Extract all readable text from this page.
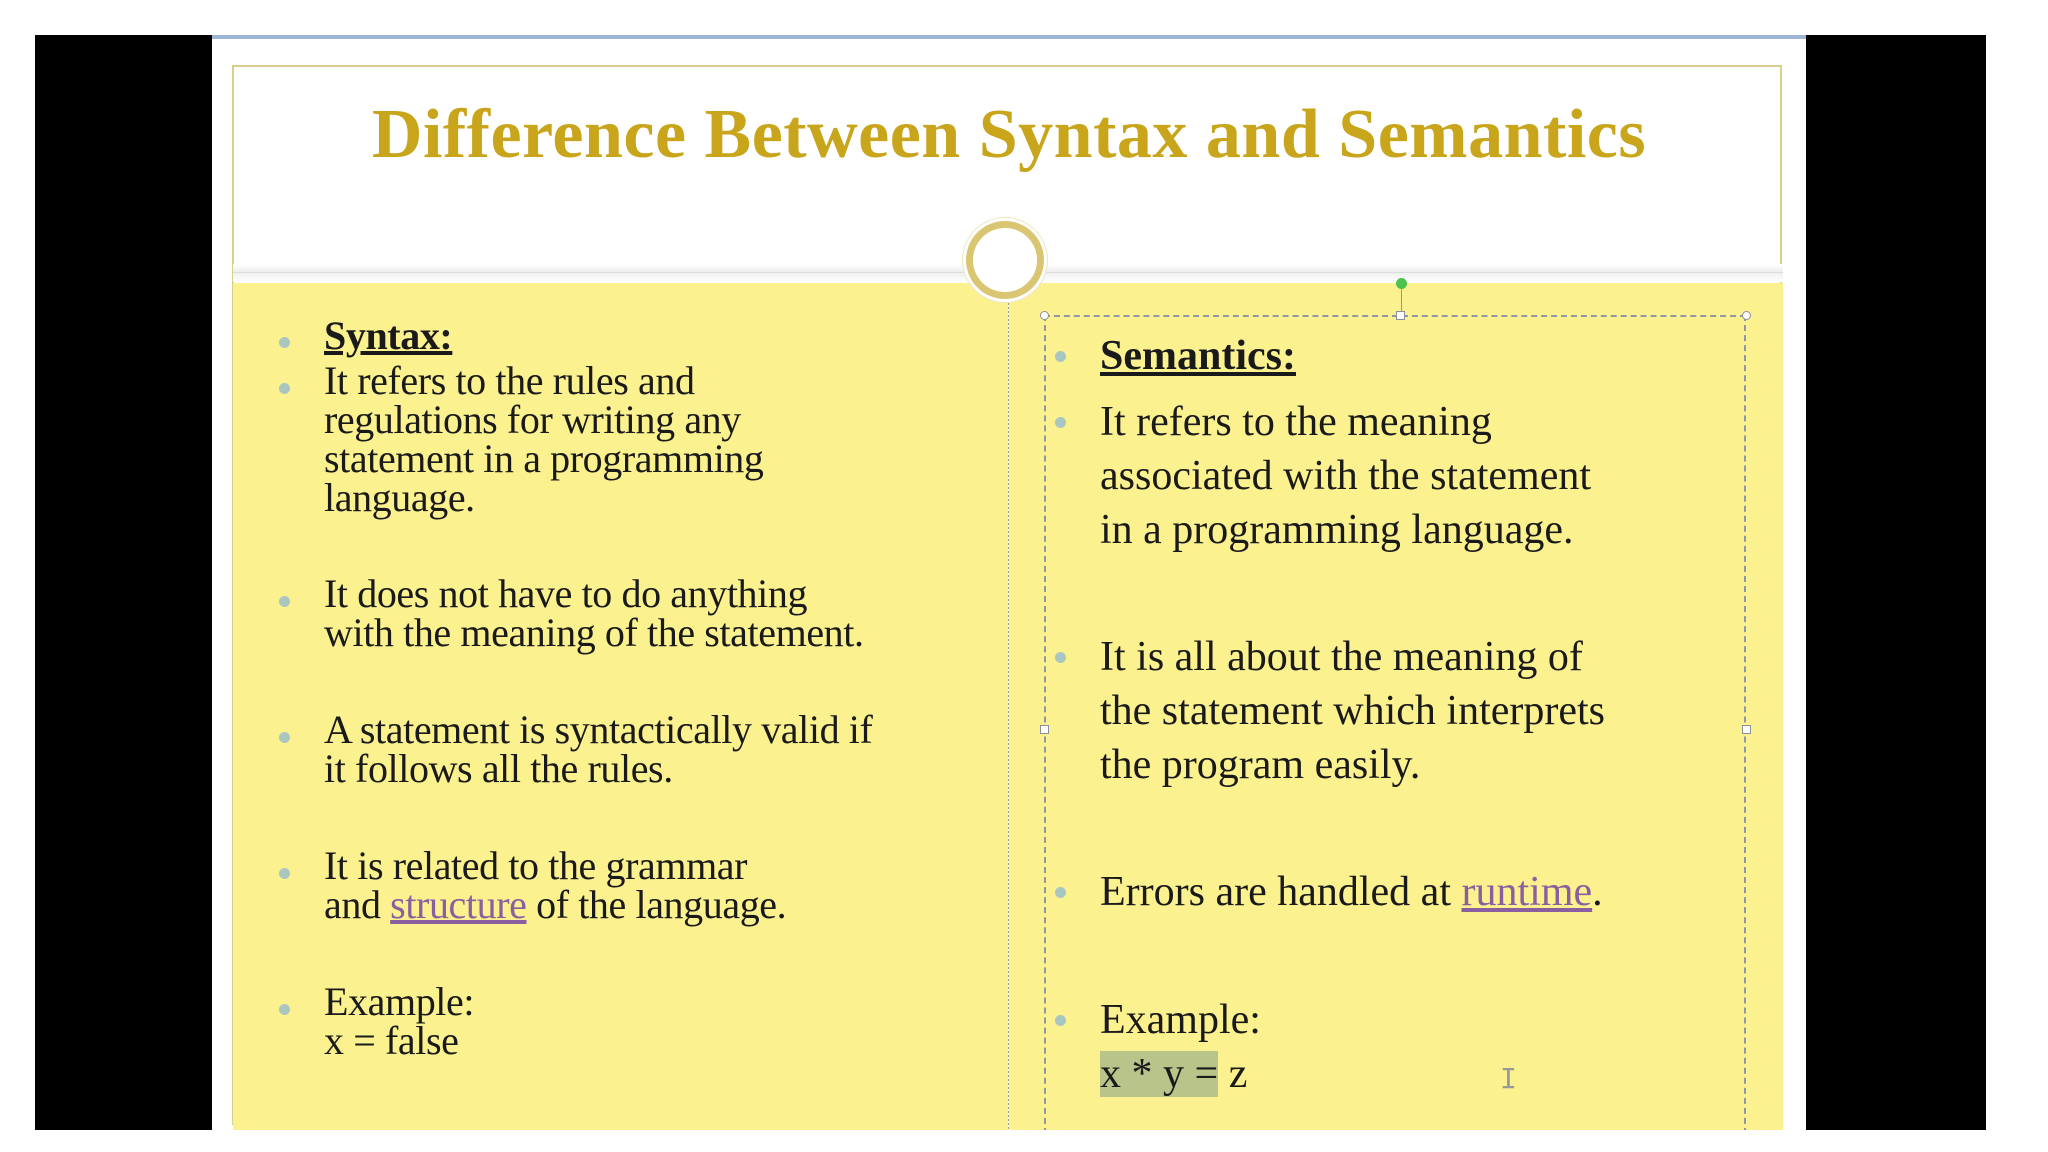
Difference Between Syntax and Semantics
Syntax:
It refers to the rules and
regulations for writing any
statement in a programming
language.
It does not have to do anything
with the meaning of the statement.
A statement is syntactically valid if
it follows all the rules.
It is related to the grammar
and structure of the language.
Example:
x = false
Semantics:
It refers to the meaning
associated with the statement
in a programming language.
It is all about the meaning of
the statement which interprets
the program easily.
Errors are handled at runtime.
Example:
x * y = z	I
